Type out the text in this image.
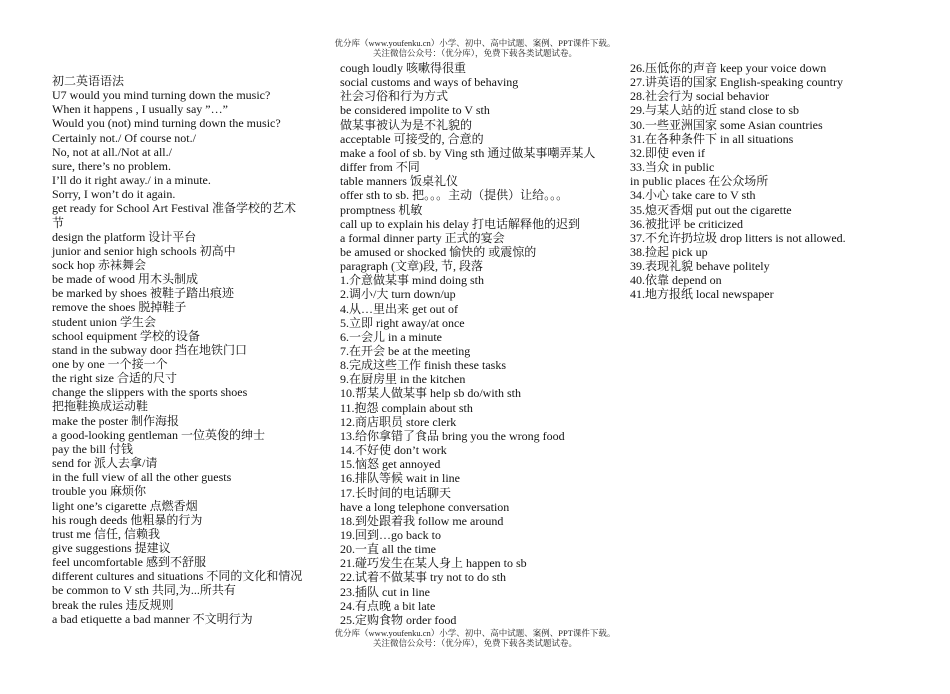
优分库（www.youfenku.cn）小学、初中、高中试题、案例、PPT课件下载。
关注微信公众号：（优分库），免费下载各类试题试卷。
初二英语语法
U7 would you mind turning down the music?
When it happens , I usually say ”…”
Would you (not) mind turning down the music?
Certainly not./ Of course not./
No, not at all./Not at all./
sure, there’s no problem.
I’ll do it right away./ in a minute.
Sorry, I won’t do it again.
get ready for School Art Festival 准备学校的艺术
节
design the platform 设计平台
junior and senior high schools 初高中
sock hop 赤袜舞会
be made of wood 用木头制成
be marked by shoes 被鞋子踏出痕迹
remove the shoes 脱掉鞋子
student union 学生会
school equipment 学校的设备
stand in the subway door 挡在地铁门口
one by one 一个接一个
the right size 合适的尺寸
change the slippers with the sports shoes
把拖鞋换成运动鞋
make the poster 制作海报
a good-looking gentleman 一位英俊的绅士
pay the bill 付钱
send for 派人去拿/请
in the full view of all the other guests
trouble you 麻烦你
light one’s cigarette 点燃香烟
his rough deeds 他粗暴的行为
trust me 信任, 信赖我
give suggestions 提建议
feel uncomfortable 感到不舒服
different cultures and situations 不同的文化和情况
be common to V sth 共同,为...所共有
break the rules 违反规则
a bad etiquette a bad manner 不文明行为
cough loudly 咳嗽得很重
social customs and ways of behaving
社会习俗和行为方式
be considered impolite to V sth
做某事被认为是不礼貌的
acceptable 可接受的, 合意的
make a fool of sb. by Ving sth 通过做某事嘲弄某人
differ from 不同
table manners 饭桌礼仪
offer sth to sb. 把。。。主动（提供）让给。。。
promptness 机敏
call up to explain his delay 打电话解释他的迟到
a formal dinner party 正式的宴会
be amused or shocked 愉快的 或震惊的
paragraph (文章)段, 节, 段落
1.介意做某事 mind doing sth
2.调小/大 turn down/up
4.从…里出来 get out of
5.立即 right away/at once
6.一会儿 in a minute
7.在开会 be at the meeting
8.完成这些工作 finish these tasks
9.在厨房里 in the kitchen
10.帮某人做某事 help sb do/with sth
11.抱怨 complain about sth
12.商店职员 store clerk
13.给你拿错了食品 bring you the wrong food
14.不好使 don’t work
15.恼怒 get annoyed
16.排队等候 wait in line
17.长时间的电话聊天
have a long telephone conversation
18.到处跟着我 follow me around
19.回到…go back to
20.一直 all the time
21.碰巧发生在某人身上 happen to sb
22.试着不做某事 try not to do sth
23.插队 cut in line
24.有点晚 a bit late
25.定购食物 order food
26.压低你的声音 keep your voice down
27.讲英语的国家 English-speaking country
28.社会行为 social behavior
29.与某人站的近 stand close to sb
30.一些亚洲国家 some Asian countries
31.在各种条件下 in all situations
32.即使 even if
33.当众 in public
in public places 在公众场所
34.小心 take care to V sth
35.熄灭香烟 put out the cigarette
36.被批评 be criticized
37.不允许扔垃圾 drop litters is not allowed.
38.捡起 pick up
39.表现礼貌 behave politely
40.依靠 depend on
41.地方报纸 local newspaper
优分库（www.youfenku.cn）小学、初中、高中试题、案例、PPT课件下载。
关注微信公众号：（优分库），免费下载各类试题试卷。
